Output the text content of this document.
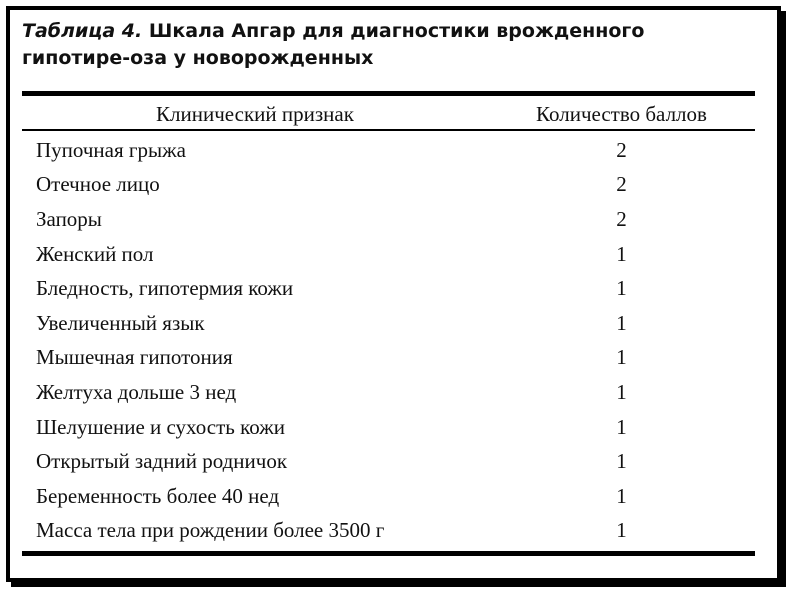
Таблица 4. Шкала Апгар для диагностики врожденного гипотире-оза у новорожденных

Клинический признак	Количество баллов
Пупочная грыжа	2
Отечное лицо	2
Запоры	2
Женский пол	1
Бледность, гипотермия кожи	1
Увеличенный язык	1
Мышечная гипотония	1
Желтуха дольше 3 нед	1
Шелушение и сухость кожи	1
Открытый задний родничок	1
Беременность более 40 нед	1
Масса тела при рождении более 3500 г	1
